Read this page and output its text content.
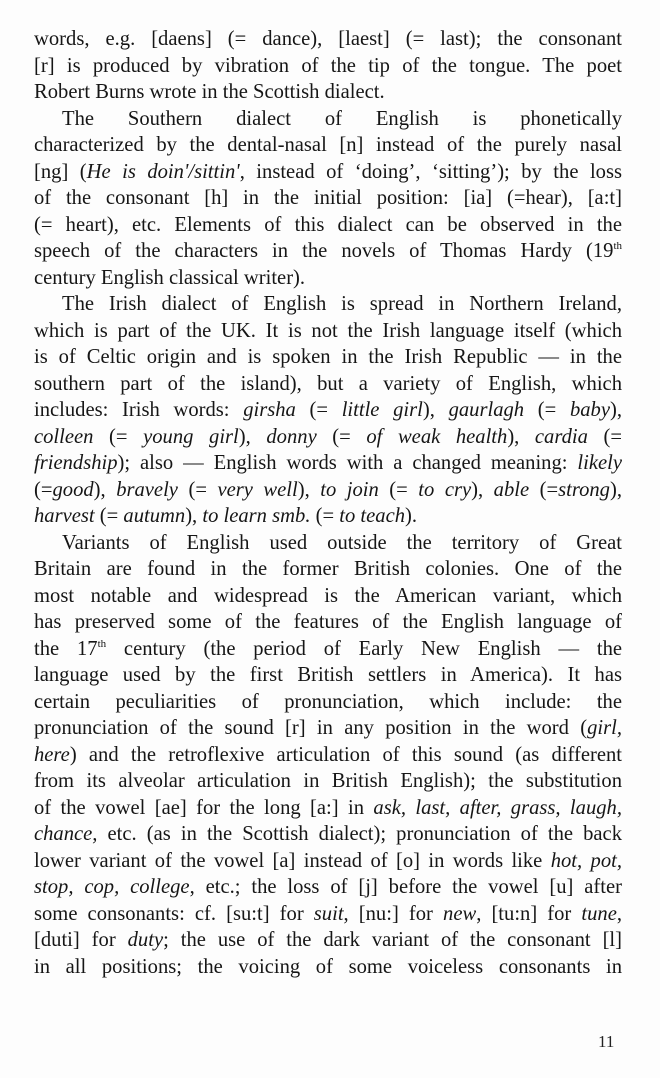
words, e.g. [daens] (= dance), [laest] (= last); the consonant
[r] is produced by vibration of the tip of the tongue. The poet
Robert Burns wrote in the Scottish dialect.
The Southern dialect of English is phonetically
characterized by the dental-nasal [n] instead of the purely nasal
[ng] (He is doin'/sittin', instead of ‘doing’, ‘sitting’); by the loss
of the consonant [h] in the initial position: [ia] (=hear), [a:t]
(= heart), etc. Elements of this dialect can be observed in the
speech of the characters in the novels of Thomas Hardy (19th
century English classical writer).
The Irish dialect of English is spread in Northern Ireland,
which is part of the UK. It is not the Irish language itself (which
is of Celtic origin and is spoken in the Irish Republic — in the
southern part of the island), but a variety of English, which
includes: Irish words: girsha (= little girl), gaurlagh (= baby),
colleen (= young girl), donny (= of weak health), cardia (=
friendship); also — English words with a changed meaning: likely
(=good), bravely (= very well), to join (= to cry), able (=strong),
harvest (= autumn), to learn smb. (= to teach).
Variants of English used outside the territory of Great
Britain are found in the former British colonies. One of the
most notable and widespread is the American variant, which
has preserved some of the features of the English language of
the 17th century (the period of Early New English — the
language used by the first British settlers in America). It has
certain peculiarities of pronunciation, which include: the
pronunciation of the sound [r] in any position in the word (girl,
here) and the retroflexive articulation of this sound (as different
from its alveolar articulation in British English); the substitution
of the vowel [ae] for the long [a:] in ask, last, after, grass, laugh,
chance, etc. (as in the Scottish dialect); pronunciation of the back
lower variant of the vowel [a] instead of [o] in words like hot, pot,
stop, cop, college, etc.; the loss of [j] before the vowel [u] after
some consonants: cf. [su:t] for suit, [nu:] for new, [tu:n] for tune,
[duti] for duty; the use of the dark variant of the consonant [l]
in all positions; the voicing of some voiceless consonants in
11
